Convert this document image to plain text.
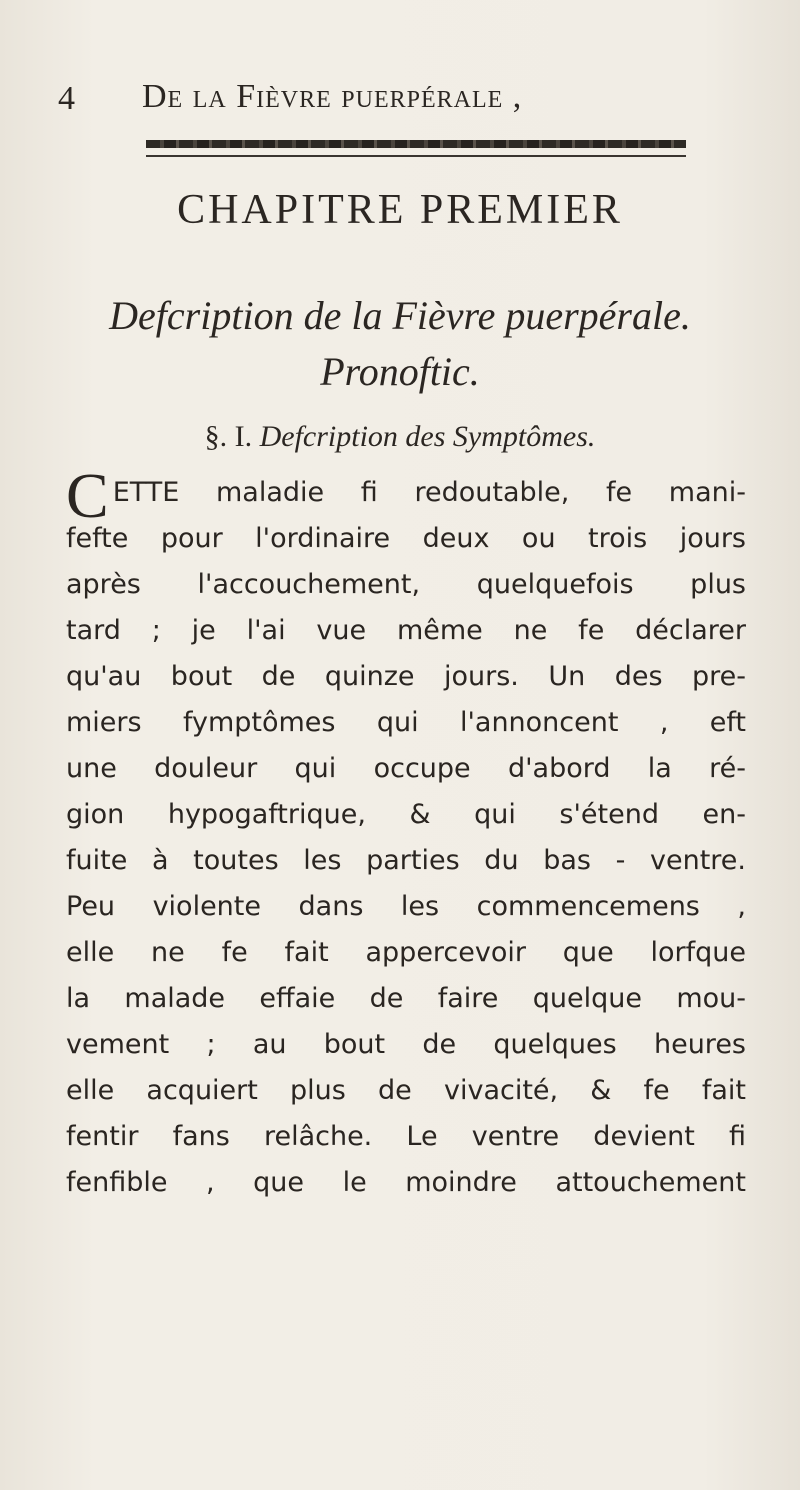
4 De la Fièvre puerpérale ,
CHAPITRE PREMIER
Defcription de la Fièvre puerpérale.
Pronoftic.
§. I. Defcription des Symptômes.
CETTE maladie fi redoutable, fe mani-
fefte pour l'ordinaire deux ou trois jours
après l'accouchement, quelquefois plus
tard ; je l'ai vue même ne fe déclarer
qu'au bout de quinze jours. Un des pre-
miers fymptômes qui l'annoncent , eft
une douleur qui occupe d'abord la ré-
gion hypogaftrique, & qui s'étend en-
fuite à toutes les parties du bas - ventre.
Peu violente dans les commencemens ,
elle ne fe fait appercevoir que lorfque
la malade effaie de faire quelque mou-
vement ; au bout de quelques heures
elle acquiert plus de vivacité, & fe fait
fentir fans relâche. Le ventre devient fi
fenfible , que le moindre attouchement
